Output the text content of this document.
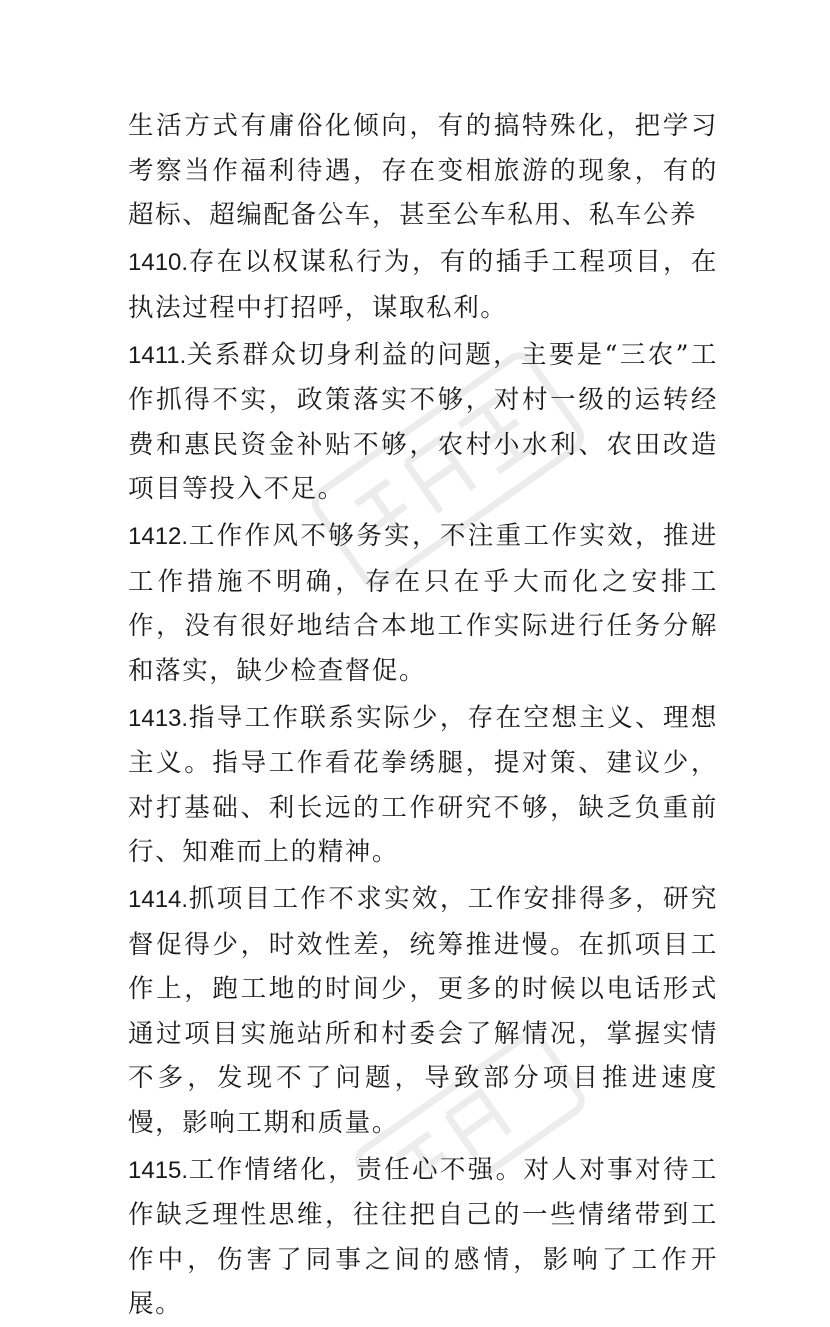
生活方式有庸俗化倾向，有的搞特殊化，把学习考察当作福利待遇，存在变相旅游的现象，有的超标、超编配备公车，甚至公车私用、私车公养

1410.存在以权谋私行为，有的插手工程项目，在执法过程中打招呼，谋取私利。

1411.关系群众切身利益的问题，主要是“三农”工作抓得不实，政策落实不够，对村一级的运转经费和惠民资金补贴不够，农村小水利、农田改造项目等投入不足。

1412.工作作风不够务实，不注重工作实效，推进工作措施不明确，存在只在乎大而化之安排工作，没有很好地结合本地工作实际进行任务分解和落实，缺少检查督促。

1413.指导工作联系实际少，存在空想主义、理想主义。指导工作看花拳绣腿，提对策、建议少，对打基础、利长远的工作研究不够，缺乏负重前行、知难而上的精神。

1414.抓项目工作不求实效，工作安排得多，研究督促得少，时效性差，统筹推进慢。在抓项目工作上，跑工地的时间少，更多的时候以电话形式通过项目实施站所和村委会了解情况，掌握实情不多，发现不了问题，导致部分项目推进速度慢，影响工期和质量。

1415.工作情绪化，责任心不强。对人对事对待工作缺乏理性思维，往往把自己的一些情绪带到工作中，伤害了同事之间的感情，影响了工作开展。
